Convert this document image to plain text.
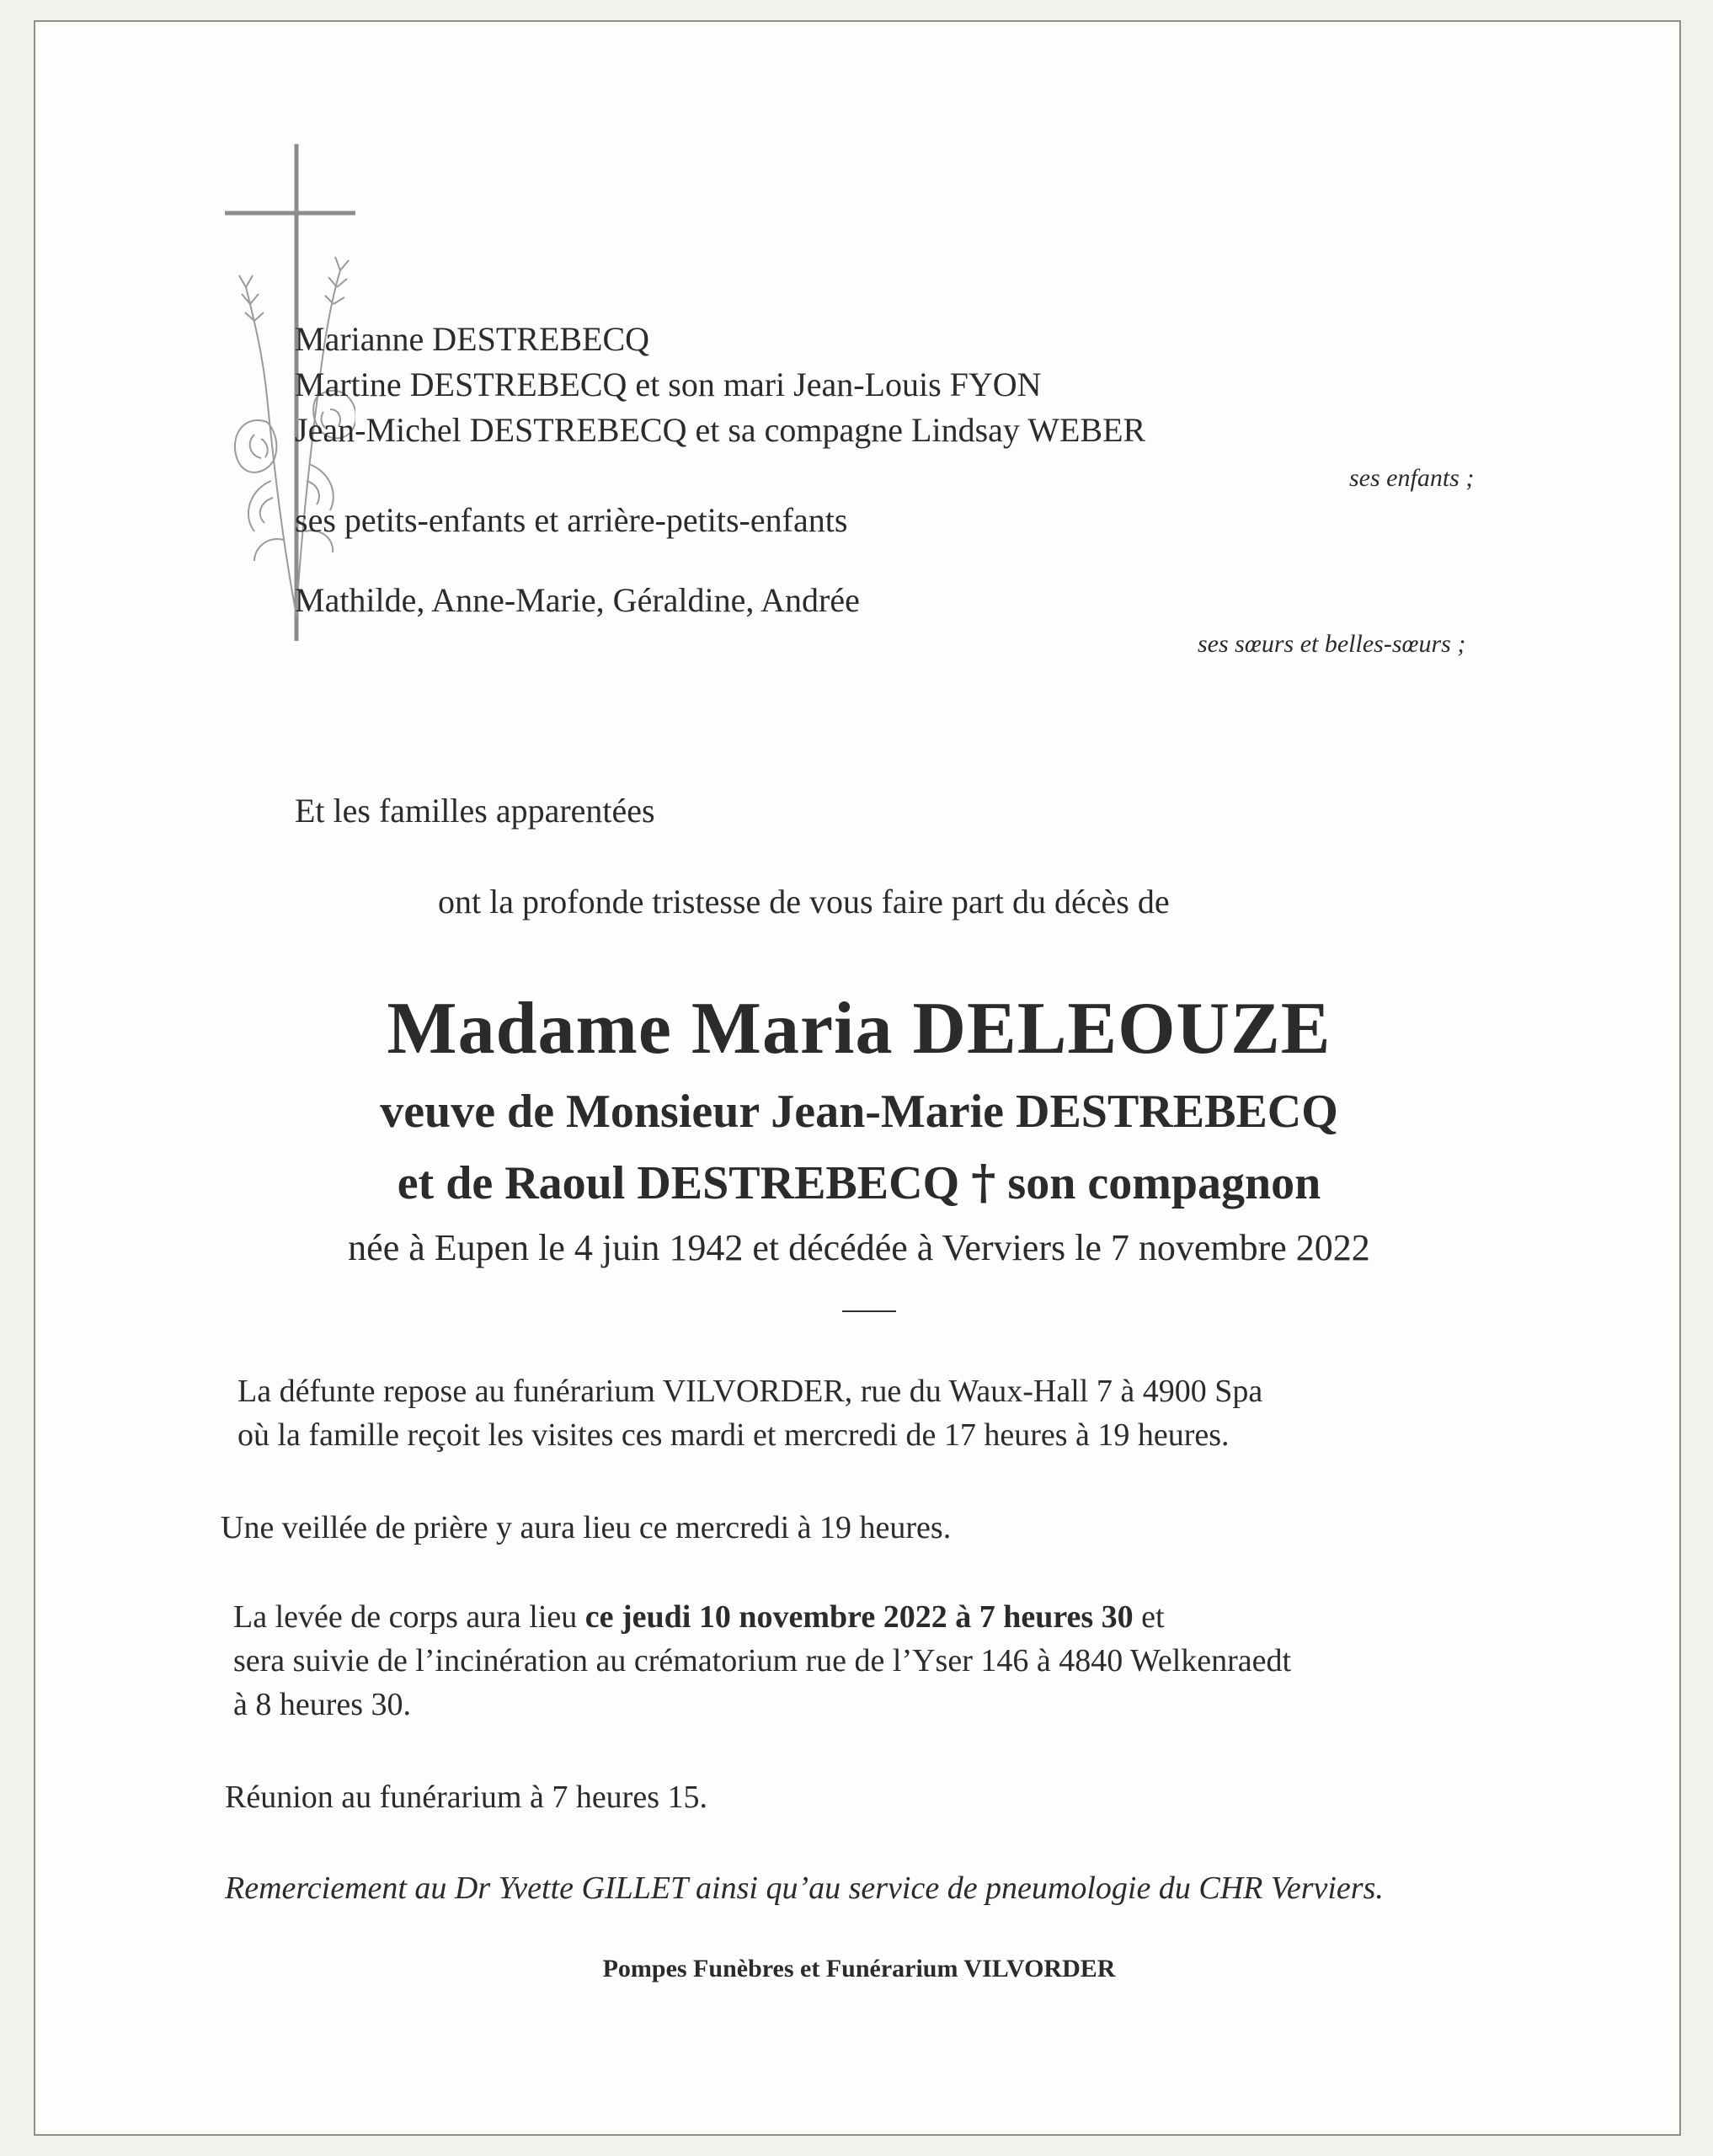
Marianne DESTREBECQ
Martine DESTREBECQ et son mari Jean-Louis FYON
Jean-Michel DESTREBECQ et sa compagne Lindsay WEBER
ses enfants ;
ses petits-enfants et arrière-petits-enfants
Mathilde, Anne-Marie, Géraldine, Andrée
ses sœurs et belles-sœurs ;
Et les familles apparentées
ont la profonde tristesse de vous faire part du décès de
Madame Maria DELEOUZE
veuve de Monsieur Jean-Marie DESTREBECQ
et de Raoul DESTREBECQ † son compagnon
née à Eupen le 4 juin 1942 et décédée à Verviers le 7 novembre 2022
La défunte repose au funérarium VILVORDER, rue du Waux-Hall 7 à 4900 Spa
où la famille reçoit les visites ces mardi et mercredi de 17 heures à 19 heures.
Une veillée de prière y aura lieu ce mercredi à 19 heures.
La levée de corps aura lieu ce jeudi 10 novembre 2022 à 7 heures 30 et
sera suivie de l’incinération au crématorium rue de l’Yser 146 à 4840 Welkenraedt
à 8 heures 30.
Réunion au funérarium à 7 heures 15.
Remerciement au Dr Yvette GILLET ainsi qu’au service de pneumologie du CHR Verviers.
Pompes Funèbres et Funérarium VILVORDER
